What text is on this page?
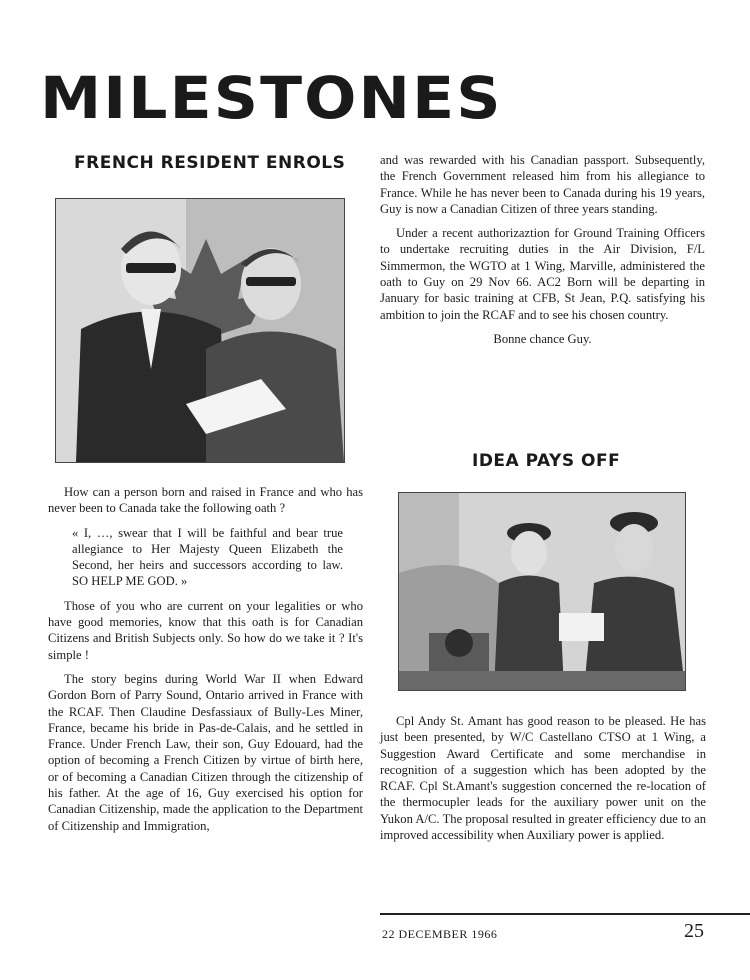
MILESTONES
FRENCH RESIDENT ENROLS

How can a person born and raised in France and who has never been to Canada take the following oath ?

« I, …, swear that I will be faithful and bear true allegiance to Her Majesty Queen Elizabeth the Second, her heirs and successors according to law. SO HELP ME GOD. »

Those of you who are current on your legalities or who have good memories, know that this oath is for Canadian Citizens and British Subjects only. So how do we take it ? It's simple !

The story begins during World War II when Edward Gordon Born of Parry Sound, Ontario arrived in France with the RCAF. Then Claudine Desfassiaux of Bully-Les Miner, France, became his bride in Pas-de-Calais, and he settled in France. Under French Law, their son, Guy Edouard, had the option of becoming a French Citizen by virtue of birth here, or of becoming a Canadian Citizen through the citizenship of his father. At the age of 16, Guy exercised his option for Canadian Citizenship, made the application to the Department of Citizenship and Immigration,

and was rewarded with his Canadian passport. Subsequently, the French Government released him from his allegiance to France. While he has never been to Canada during his 19 years, Guy is now a Canadian Citizen of three years standing.

Under a recent authorizaztion for Ground Training Officers to undertake recruiting duties in the Air Division, F/L Simmermon, the WGTO at 1 Wing, Marville, administered the oath to Guy on 29 Nov 66. AC2 Born will be departing in January for basic training at CFB, St Jean, P.Q. satisfying his ambition to join the RCAF and to see his chosen country.

Bonne chance Guy.

IDEA PAYS OFF

Cpl Andy St. Amant has good reason to be pleased. He has just been presented, by W/C Castellano CTSO at 1 Wing, a Suggestion Award Certificate and some merchandise in recognition of a suggestion which has been adopted by the RCAF. Cpl St.Amant's suggestion concerned the re-location of the thermocupler leads for the auxiliary power unit on the Yukon A/C. The proposal resulted in greater efficiency due to an improved accessibility when Auxiliary power is applied.

22 DECEMBER 1966	25
